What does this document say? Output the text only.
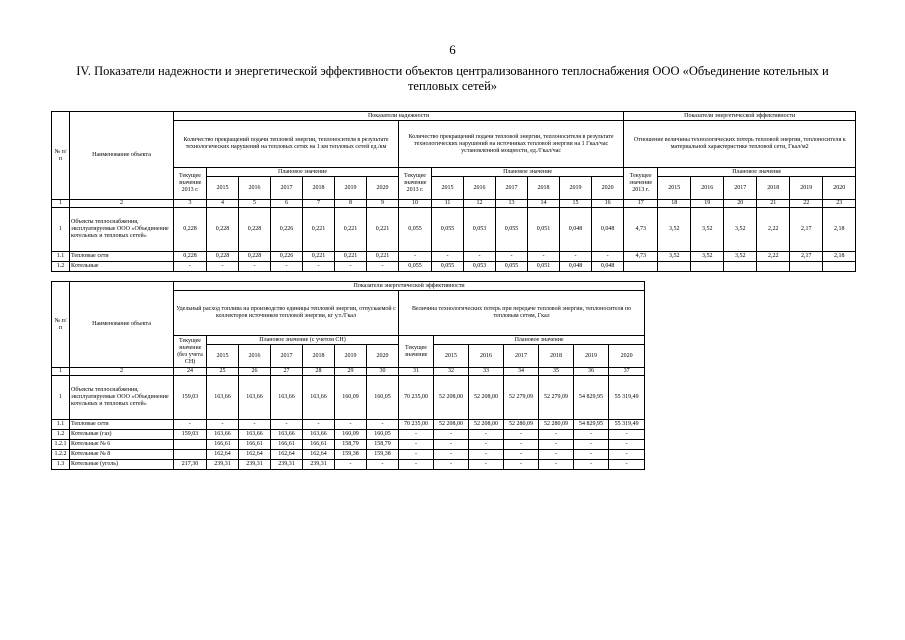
6
IV. Показатели надежности и энергетической эффективности объектов централизованного теплоснабжения ООО «Объединение котельных и тепловых сетей»
№ п/п	Наименование объекта	Показатели надежности														Показатели энергетической эффективности						
		Количество прекращений подачи тепловой энергии, теплоносителя в результате технологических нарушений на тепловых сетях на 1 км тепловых сетей ед./км							Количество прекращений подачи тепловой энергии, теплоносителя в результате технологических нарушений на источниках тепловой энергии на 1 Гкал/час установленной мощности, ед./Гкал/час							Отношение величины технологических потерь тепловой энергии, теплоносителя к материальной характеристике тепловой сети, Гкал/м2						
		Текущее значение 2013 г.	Плановое значение						Текущее значение 2013 г.	Плановое значение						Текущее значение 2013 г.	Плановое значение					
			2015	2016	2017	2018	2019	2020		2015	2016	2017	2018	2019	2020		2015	2016	2017	2018	2019	2020
1	2	3	4	5	6	7	8	9	10	11	12	13	14	15	16	17	18	19	20	21	22	23
1	Объекты теплоснабжения, эксплуатируемые ООО «Объединение котельных и тепловых сетей»	0,228	0,228	0,228	0,226	0,221	0,221	0,221	0,055	0,055	0,053	0,055	0,051	0,048	0,048	4,73	3,52	3,52	3,52	2,22	2,17	2,18
1.1	Тепловые сети	0,228	0,228	0,228	0,226	0,221	0,221	0,221	-	-	-	-	-	-	-	4,73	3,52	3,52	3,52	2,22	2,17	2,18
1.2	Котельные	-	-	-	-	-	-	-	0,055	0,055	0,053	0,055	0,051	0,048	0,048							
№ п/п	Наименование объекта	Показатели энергетической эффективности													
		Удельный расход топлива на производство единицы тепловой энергии, отпускаемой с коллекторов источников тепловой энергии, кг у.т./Гкал							Величина технологических потерь при передаче тепловой энергии, теплоносителя по тепловым сетям, Гкал						
		Текущее значение (без учета СН)	Плановое значение (с учетом СН)						Текущее значение	Плановое значение					
			2015	2016	2017	2018	2019	2020		2015	2016	2017	2018	2019	2020
1	2	24	25	26	27	28	29	30	31	32	33	34	35	36	37
1	Объекты теплоснабжения, эксплуатируемые ООО «Объединение котельных и тепловых сетей»	159,03	163,66	163,66	163,66	163,66	160,09	160,05	70 235,00	52 208,00	52 208,00	52 279,09	52 279,09	54 829,95	55 319,49
1.1	Тепловые сети	-	-	-	-	-	-	-	70 235,00	52 208,00	52 208,00	52 280,09	52 280,09	54 829,95	55 319,49
1.2	Котельные (газ)	159,03	163,66	163,66	163,66	163,66	160,09	160,05	-	-	-	-	-	-	-
1.2.1	Котельные № 6		166,61	166,61	166,61	166,61	158,79	158,79	-	-	-	-	-	-	-
1.2.2	Котельные № 8		162,64	162,64	162,64	162,64	159,38	159,38	-	-	-	-	-	-	-
1.3	Котельные (уголь)	217,30	239,31	239,31	239,31	239,31	-	-	-	-	-	-	-	-	-
